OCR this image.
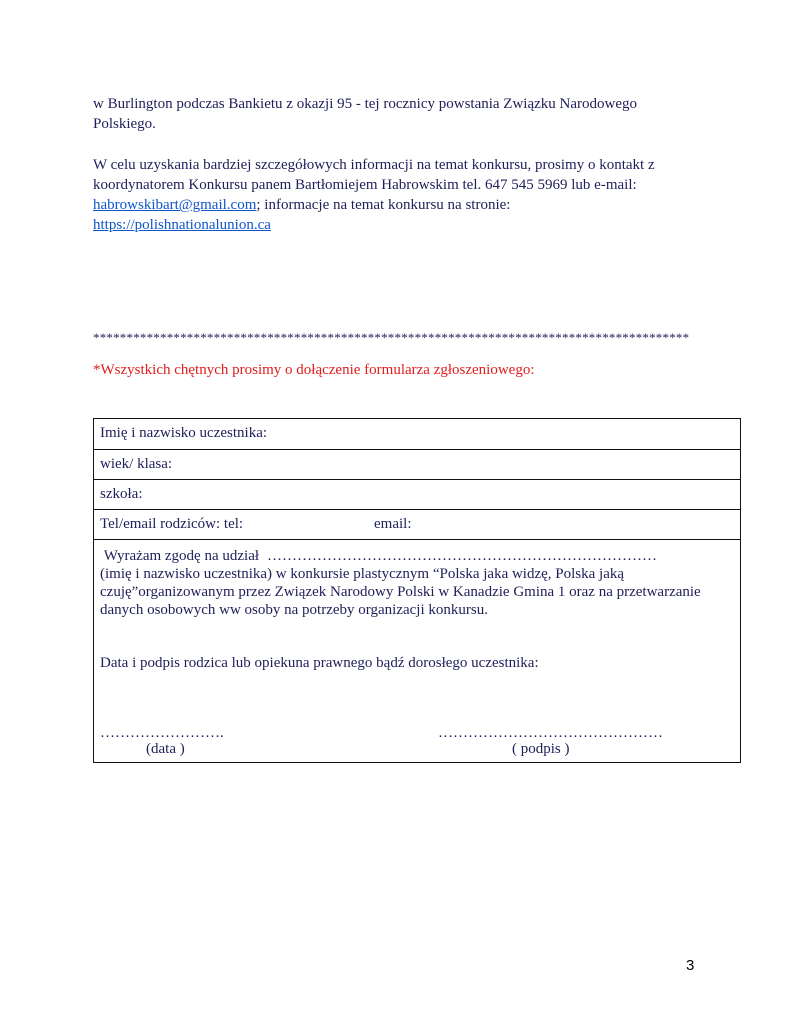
w Burlington podczas Bankietu z okazji 95 - tej rocznicy powstania Związku Narodowego Polskiego.

W celu uzyskania bardziej szczegółowych informacji na temat konkursu, prosimy o kontakt z koordynatorem Konkursu panem Bartłomiejem Habrowskim tel. 647 545 5969 lub e-mail: habrowskibart@gmail.com; informacje na temat konkursu na stronie:
https://polishnationalunion.ca

*****************************************************************************************
*Wszystkich chętnych prosimy o dołączenie formularza zgłoszeniowego:
Imię i nazwisko uczestnika:
wiek/ klasa:
szkoła:
Tel/email rodziców: tel:	email:
Wyrażam zgodę na udział ……………………………………………………………………
(imię i nazwisko uczestnika) w konkursie plastycznym “Polska jaka widzę, Polska jaką czuję”organizowanym przez Związek Narodowy Polski w Kanadzie Gmina 1 oraz na przetwarzanie danych osobowych ww osoby na potrzeby organizacji konkursu.
Data i podpis rodzica lub opiekuna prawnego bądź dorosłego uczestnika:
…………………….	………………………………………
(data )	( podpis )
3
